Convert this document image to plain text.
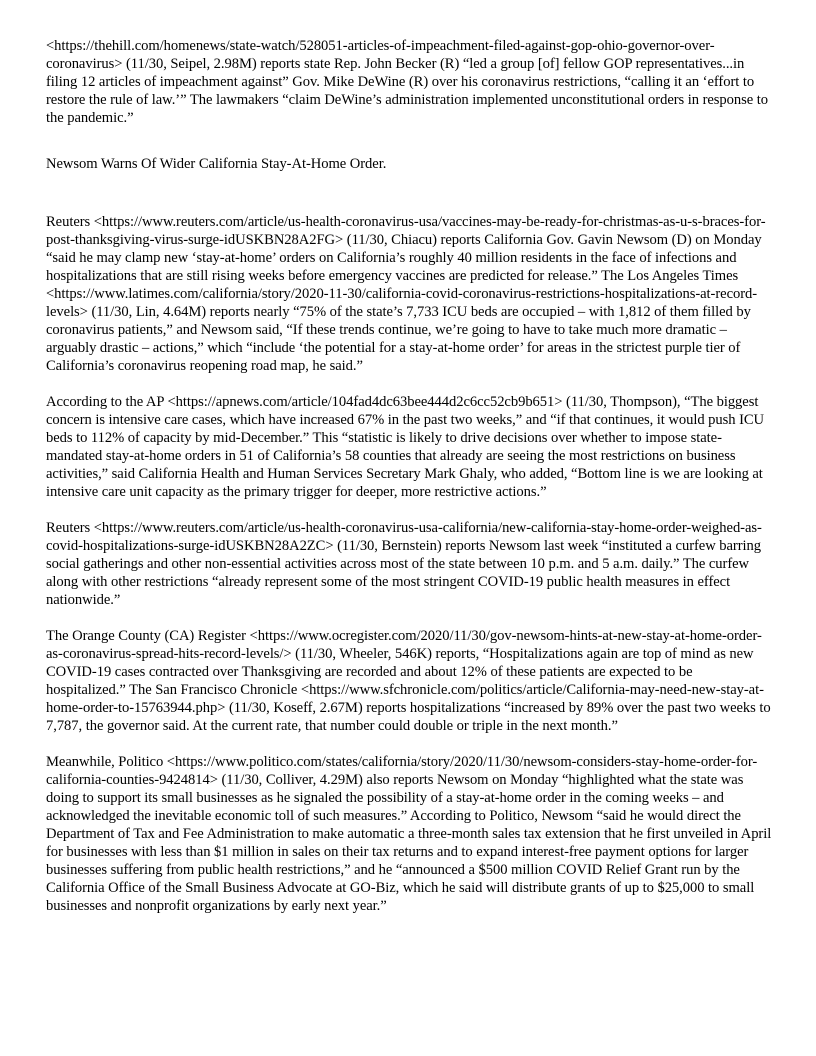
<https://thehill.com/homenews/state-watch/528051-articles-of-impeachment-filed-against-gop-ohio-governor-over-coronavirus> (11/30, Seipel, 2.98M) reports state Rep. John Becker (R) “led a group [of] fellow GOP representatives...in filing 12 articles of impeachment against” Gov. Mike DeWine (R) over his coronavirus restrictions, “calling it an ‘effort to restore the rule of law.’” The lawmakers “claim DeWine’s administration implemented unconstitutional orders in response to the pandemic.”

Newsom Warns Of Wider California Stay-At-Home Order.

Reuters <https://www.reuters.com/article/us-health-coronavirus-usa/vaccines-may-be-ready-for-christmas-as-u-s-braces-for-post-thanksgiving-virus-surge-idUSKBN28A2FG> (11/30, Chiacu) reports California Gov. Gavin Newsom (D) on Monday “said he may clamp new ‘stay-at-home’ orders on California’s roughly 40 million residents in the face of infections and hospitalizations that are still rising weeks before emergency vaccines are predicted for release.” The Los Angeles Times <https://www.latimes.com/california/story/2020-11-30/california-covid-coronavirus-restrictions-hospitalizations-at-record-levels> (11/30, Lin, 4.64M) reports nearly “75% of the state’s 7,733 ICU beds are occupied – with 1,812 of them filled by coronavirus patients,” and Newsom said, “If these trends continue, we’re going to have to take much more dramatic – arguably drastic – actions,” which “include ‘the potential for a stay-at-home order’ for areas in the strictest purple tier of California’s coronavirus reopening road map, he said.”

According to the AP <https://apnews.com/article/104fad4dc63bee444d2c6cc52cb9b651> (11/30, Thompson), “The biggest concern is intensive care cases, which have increased 67% in the past two weeks,” and “if that continues, it would push ICU beds to 112% of capacity by mid-December.” This “statistic is likely to drive decisions over whether to impose state-mandated stay-at-home orders in 51 of California’s 58 counties that already are seeing the most restrictions on business activities,” said California Health and Human Services Secretary Mark Ghaly, who added, “Bottom line is we are looking at intensive care unit capacity as the primary trigger for deeper, more restrictive actions.”

Reuters <https://www.reuters.com/article/us-health-coronavirus-usa-california/new-california-stay-home-order-weighed-as-covid-hospitalizations-surge-idUSKBN28A2ZC> (11/30, Bernstein) reports Newsom last week “instituted a curfew barring social gatherings and other non-essential activities across most of the state between 10 p.m. and 5 a.m. daily.” The curfew along with other restrictions “already represent some of the most stringent COVID-19 public health measures in effect nationwide.”

The Orange County (CA) Register <https://www.ocregister.com/2020/11/30/gov-newsom-hints-at-new-stay-at-home-order-as-coronavirus-spread-hits-record-levels/> (11/30, Wheeler, 546K) reports, “Hospitalizations again are top of mind as new COVID-19 cases contracted over Thanksgiving are recorded and about 12% of these patients are expected to be hospitalized.” The San Francisco Chronicle <https://www.sfchronicle.com/politics/article/California-may-need-new-stay-at-home-order-to-15763944.php> (11/30, Koseff, 2.67M) reports hospitalizations “increased by 89% over the past two weeks to 7,787, the governor said. At the current rate, that number could double or triple in the next month.”

Meanwhile, Politico <https://www.politico.com/states/california/story/2020/11/30/newsom-considers-stay-home-order-for-california-counties-9424814> (11/30, Colliver, 4.29M) also reports Newsom on Monday “highlighted what the state was doing to support its small businesses as he signaled the possibility of a stay-at-home order in the coming weeks – and acknowledged the inevitable economic toll of such measures.” According to Politico, Newsom “said he would direct the Department of Tax and Fee Administration to make automatic a three-month sales tax extension that he first unveiled in April for businesses with less than $1 million in sales on their tax returns and to expand interest-free payment options for larger businesses suffering from public health restrictions,” and he “announced a $500 million COVID Relief Grant run by the California Office of the Small Business Advocate at GO-Biz, which he said will distribute grants of up to $25,000 to small businesses and nonprofit organizations by early next year.”
